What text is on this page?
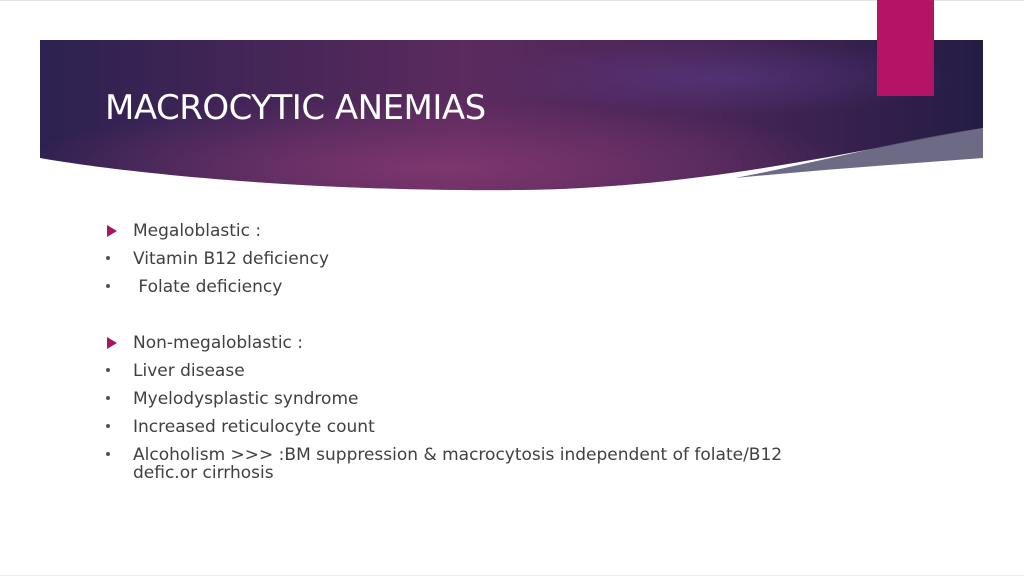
MACROCYTIC ANEMIAS
Megaloblastic :
Vitamin B12 deficiency
Folate deficiency
Non-megaloblastic :
Liver disease
Myelodysplastic syndrome
Increased reticulocyte count
Alcoholism >>> :BM suppression & macrocytosis independent of folate/B12 defic.or cirrhosis
